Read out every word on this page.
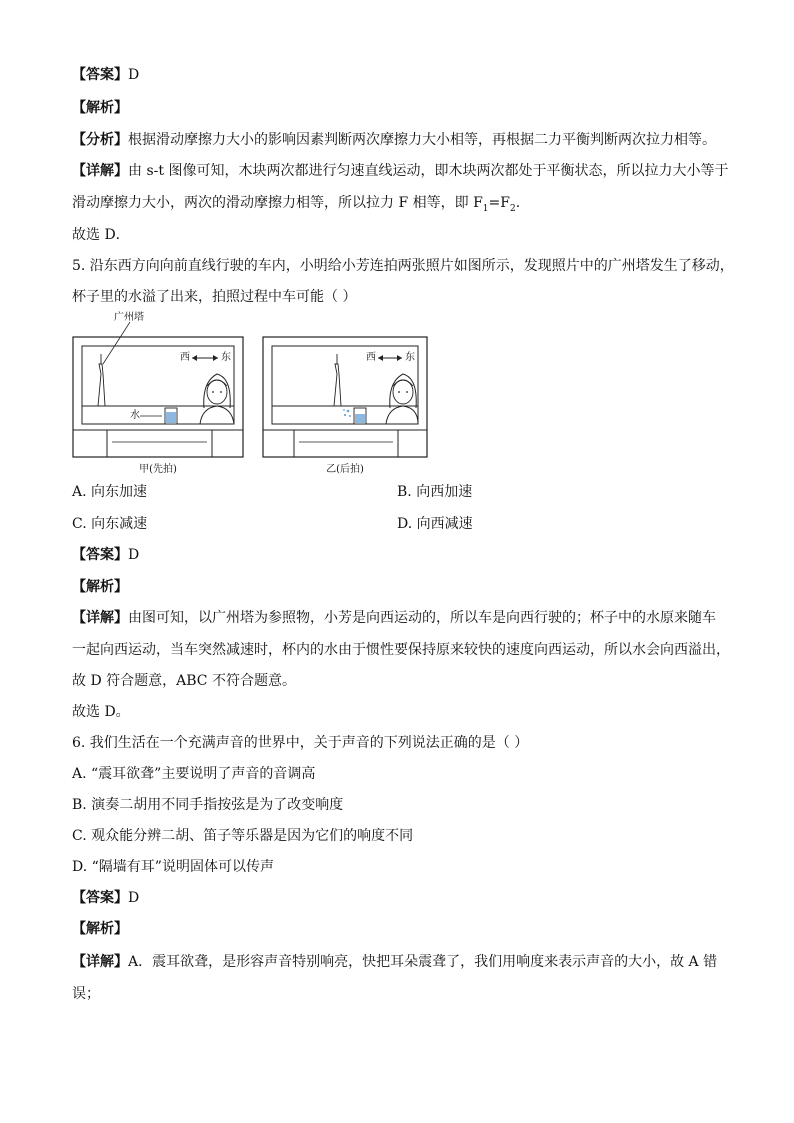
【答案】D
【解析】
【分析】根据滑动摩擦力大小的影响因素判断两次摩擦力大小相等，再根据二力平衡判断两次拉力相等。
【详解】由 s-t 图像可知，木块两次都进行匀速直线运动，即木块两次都处于平衡状态，所以拉力大小等于
滑动摩擦力大小，两次的滑动摩擦力相等，所以拉力 F 相等，即 $F_1=F_2$.
故选 D．
5. 沿东西方向向前直线行驶的车内，小明给小芳连拍两张照片如图所示，发现照片中的广州塔发生了移动，
杯子里的水溢了出来，拍照过程中车可能（ ）
广州塔
西	东	西	东
水
甲(先拍)	乙(后拍)
A. 向东加速	B. 向西加速
C. 向东减速	D. 向西减速
【答案】D
【解析】
【详解】由图可知，以广州塔为参照物，小芳是向西运动的，所以车是向西行驶的；杯子中的水原来随车
一起向西运动，当车突然减速时，杯内的水由于惯性要保持原来较快的速度向西运动，所以水会向西溢出，
故 D 符合题意，ABC 不符合题意。
故选 D。
6. 我们生活在一个充满声音的世界中，关于声音的下列说法正确的是（ ）
A. “震耳欲聋”主要说明了声音的音调高
B. 演奏二胡用不同手指按弦是为了改变响度
C. 观众能分辨二胡、笛子等乐器是因为它们的响度不同
D. “隔墙有耳”说明固体可以传声
【答案】D
【解析】
【详解】A．震耳欲聋，是形容声音特别响亮，快把耳朵震聋了，我们用响度来表示声音的大小，故 A 错
误；
